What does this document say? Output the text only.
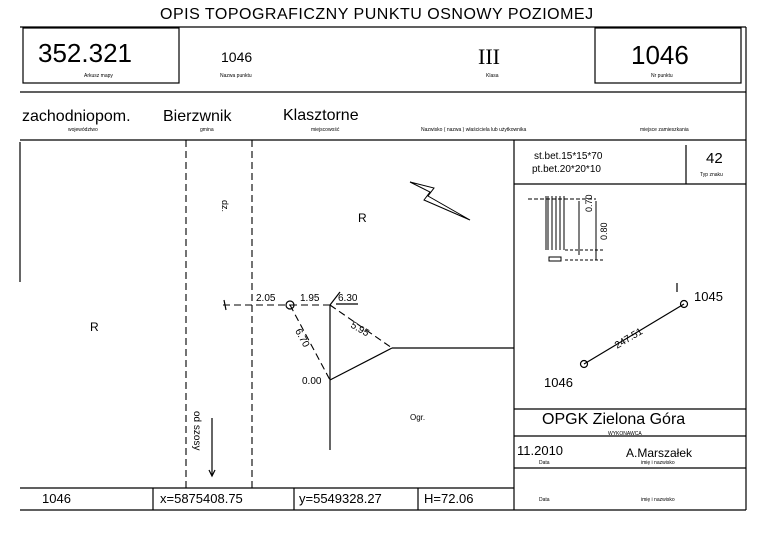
OPIS TOPOGRAFICZNY PUNKTU OSNOWY POZIOMEJ
352.321
Arkusz mapy
1046
Nazwa punktu
III
Klasa
1046
Nr punktu
zachodniopom. Bierzwnik	Klasztorne
województwo	gmina	miejscowość	Nazwisko ( nazwa ) właściciela lub użytkownika	miejsce zamieszkania
R
R
Ogr.
od szosy
dz.
2.05 1.95 6.30
6.70	5.95
0.00
st.bet.15*15*70
pt.bet.20*20*10
42
Typ znaku
0.70
0.80
1045
1046
247.51
OPGK Zielona Góra
WYKONAWCA
11.2010
Data
A.Marszałek
imię i nazwisko
Data	imię i nazwisko
1046	x=5875408.75	y=5549328.27	H=72.06
